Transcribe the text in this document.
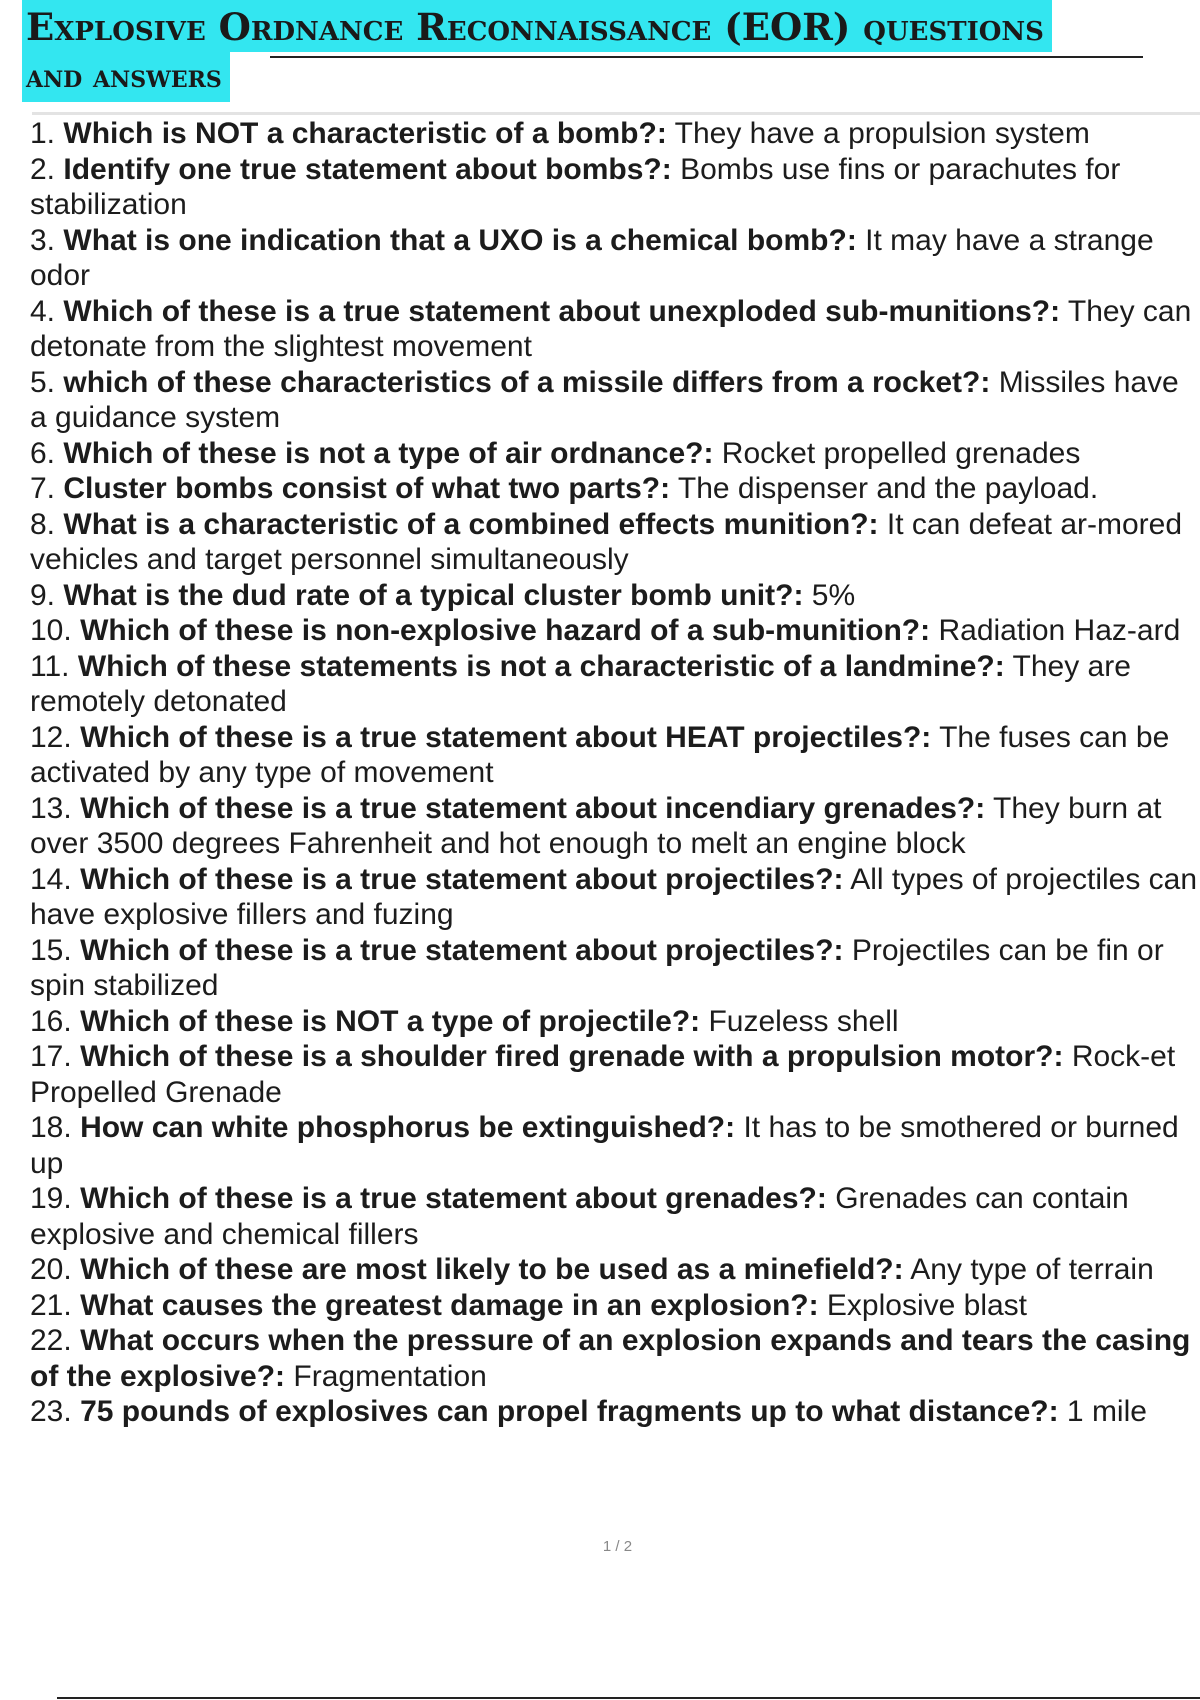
Explosive Ordnance Reconnaissance (EOR) questions
and answers
1. Which is NOT a characteristic of a bomb?: They have a propulsion system
2. Identify one true statement about bombs?: Bombs use fins or parachutes for stabilization
3. What is one indication that a UXO is a chemical bomb?: It may have a strange odor
4. Which of these is a true statement about unexploded sub-munitions?: They can detonate from the slightest movement
5. which of these characteristics of a missile differs from a rocket?: Missiles have a guidance system
6. Which of these is not a type of air ordnance?: Rocket propelled grenades
7. Cluster bombs consist of what two parts?: The dispenser and the payload.
8. What is a characteristic of a combined effects munition?: It can defeat ar-mored vehicles and target personnel simultaneously
9. What is the dud rate of a typical cluster bomb unit?: 5%
10. Which of these is non-explosive hazard of a sub-munition?: Radiation Haz-ard
11. Which of these statements is not a characteristic of a landmine?: They are remotely detonated
12. Which of these is a true statement about HEAT projectiles?: The fuses can be activated by any type of movement
13. Which of these is a true statement about incendiary grenades?: They burn at over 3500 degrees Fahrenheit and hot enough to melt an engine block
14. Which of these is a true statement about projectiles?: All types of projectiles can have explosive fillers and fuzing
15. Which of these is a true statement about projectiles?: Projectiles can be fin or spin stabilized
16. Which of these is NOT a type of projectile?: Fuzeless shell
17. Which of these is a shoulder fired grenade with a propulsion motor?: Rock-et Propelled Grenade
18. How can white phosphorus be extinguished?: It has to be smothered or burned up
19. Which of these is a true statement about grenades?: Grenades can contain explosive and chemical fillers
20. Which of these are most likely to be used as a minefield?: Any type of terrain
21. What causes the greatest damage in an explosion?: Explosive blast
22. What occurs when the pressure of an explosion expands and tears the casing of the explosive?: Fragmentation
23. 75 pounds of explosives can propel fragments up to what distance?: 1 mile
1 / 2
